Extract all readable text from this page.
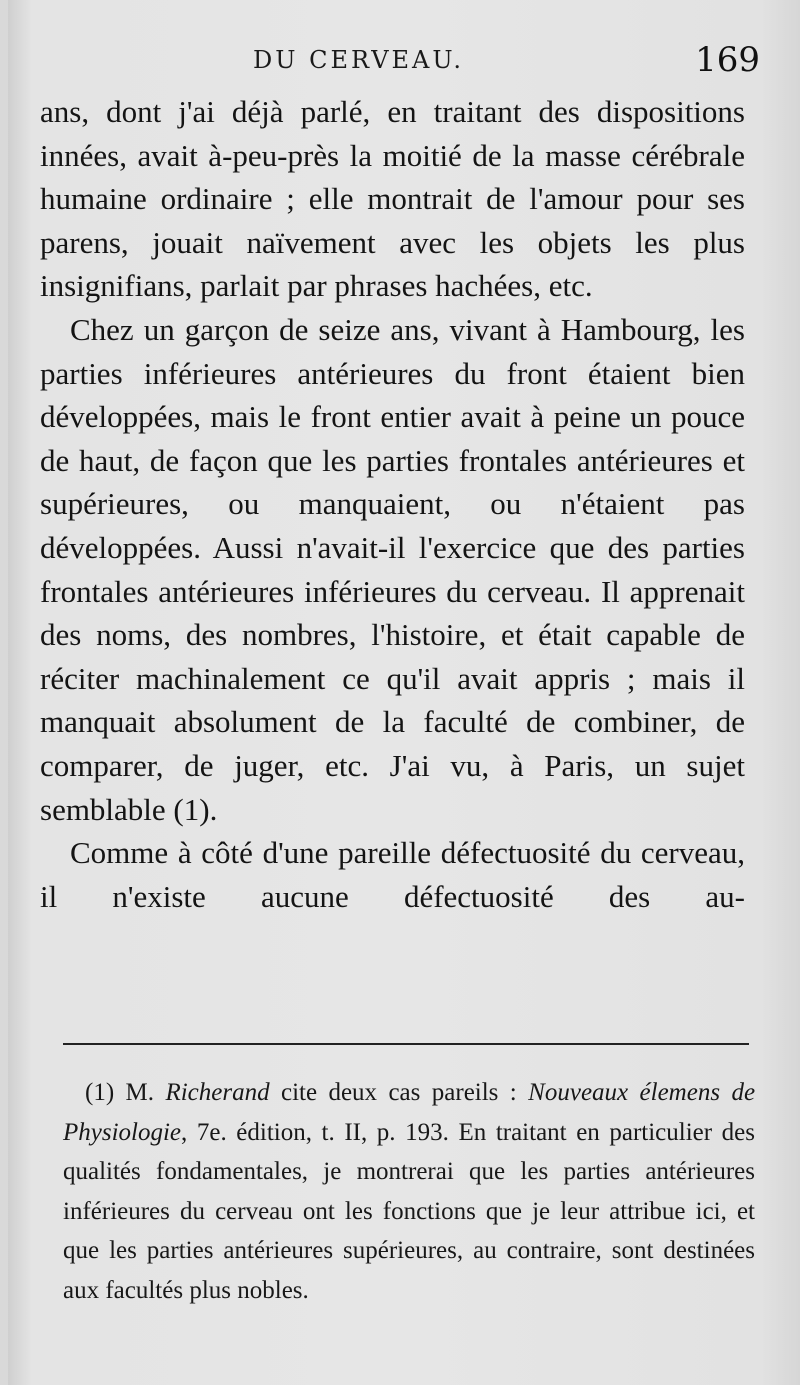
DU CERVEAU.	169

ans, dont j'ai déjà parlé, en traitant des dispositions innées, avait à-peu-près la moitié de la masse cérébrale humaine ordinaire ; elle montrait de l'amour pour ses parens, jouait naïvement avec les objets les plus insignifians, parlait par phrases hachées, etc.

Chez un garçon de seize ans, vivant à Hambourg, les parties inférieures antérieures du front étaient bien développées, mais le front entier avait à peine un pouce de haut, de façon que les parties frontales antérieures et supérieures, ou manquaient, ou n'étaient pas développées. Aussi n'avait-il l'exercice que des parties frontales antérieures inférieures du cerveau. Il apprenait des noms, des nombres, l'histoire, et était capable de réciter machinalement ce qu'il avait appris ; mais il manquait absolument de la faculté de combiner, de comparer, de juger, etc. J'ai vu, à Paris, un sujet semblable (1).

Comme à côté d'une pareille défectuosité du cerveau, il n'existe aucune défectuosité des au-

(1) M. Richerand cite deux cas pareils : Nouveaux élemens de Physiologie, 7e. édition, t. II, p. 193. En traitant en particulier des qualités fondamentales, je montrerai que les parties antérieures inférieures du cerveau ont les fonctions que je leur attribue ici, et que les parties antérieures supérieures, au contraire, sont destinées aux facultés plus nobles.
